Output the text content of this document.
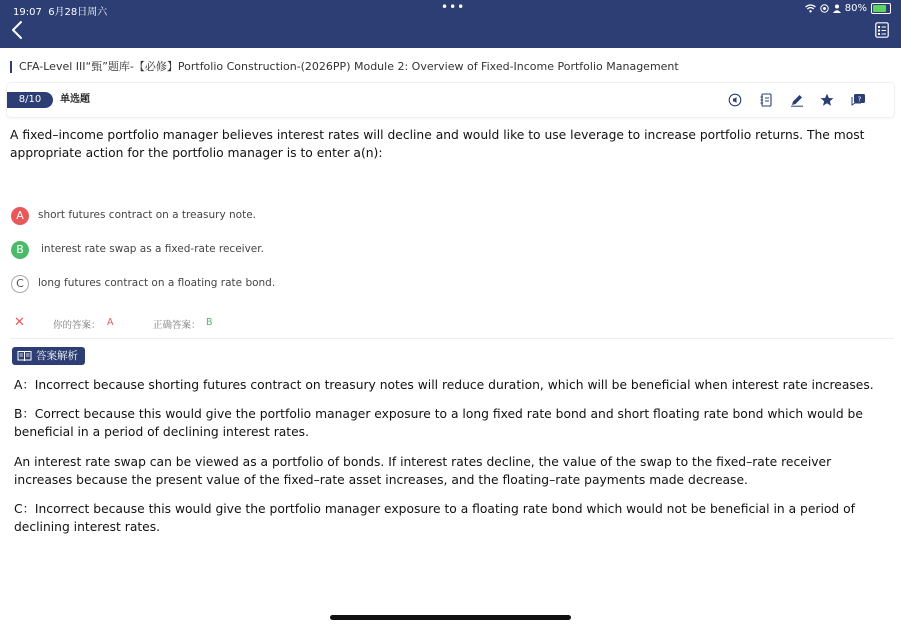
19:07 6月28日周六	•••	80%
CFA-Level III“甄”题库-【必修】Portfolio Construction-(2026PP) Module 2: Overview of Fixed-Income Portfolio Management
8/10	单选题	?
A fixed–income portfolio manager believes interest rates will decline and would like to use leverage to increase portfolio returns. The most appropriate action for the portfolio manager is to enter a(n):
A	short futures contract on a treasury note.
B	interest rate swap as a fixed-rate receiver.
C	long futures contract on a floating rate bond.
✕	你的答案： A	正确答案： B
答案解析
A：Incorrect because shorting futures contract on treasury notes will reduce duration, which will be beneficial when interest rate increases.
B：Correct because this would give the portfolio manager exposure to a long fixed rate bond and short floating rate bond which would be beneficial in a period of declining interest rates.
An interest rate swap can be viewed as a portfolio of bonds. If interest rates decline, the value of the swap to the fixed–rate receiver increases because the present value of the fixed–rate asset increases, and the floating–rate payments made decrease.
C：Incorrect because this would give the portfolio manager exposure to a floating rate bond which would not be beneficial in a period of declining interest rates.
